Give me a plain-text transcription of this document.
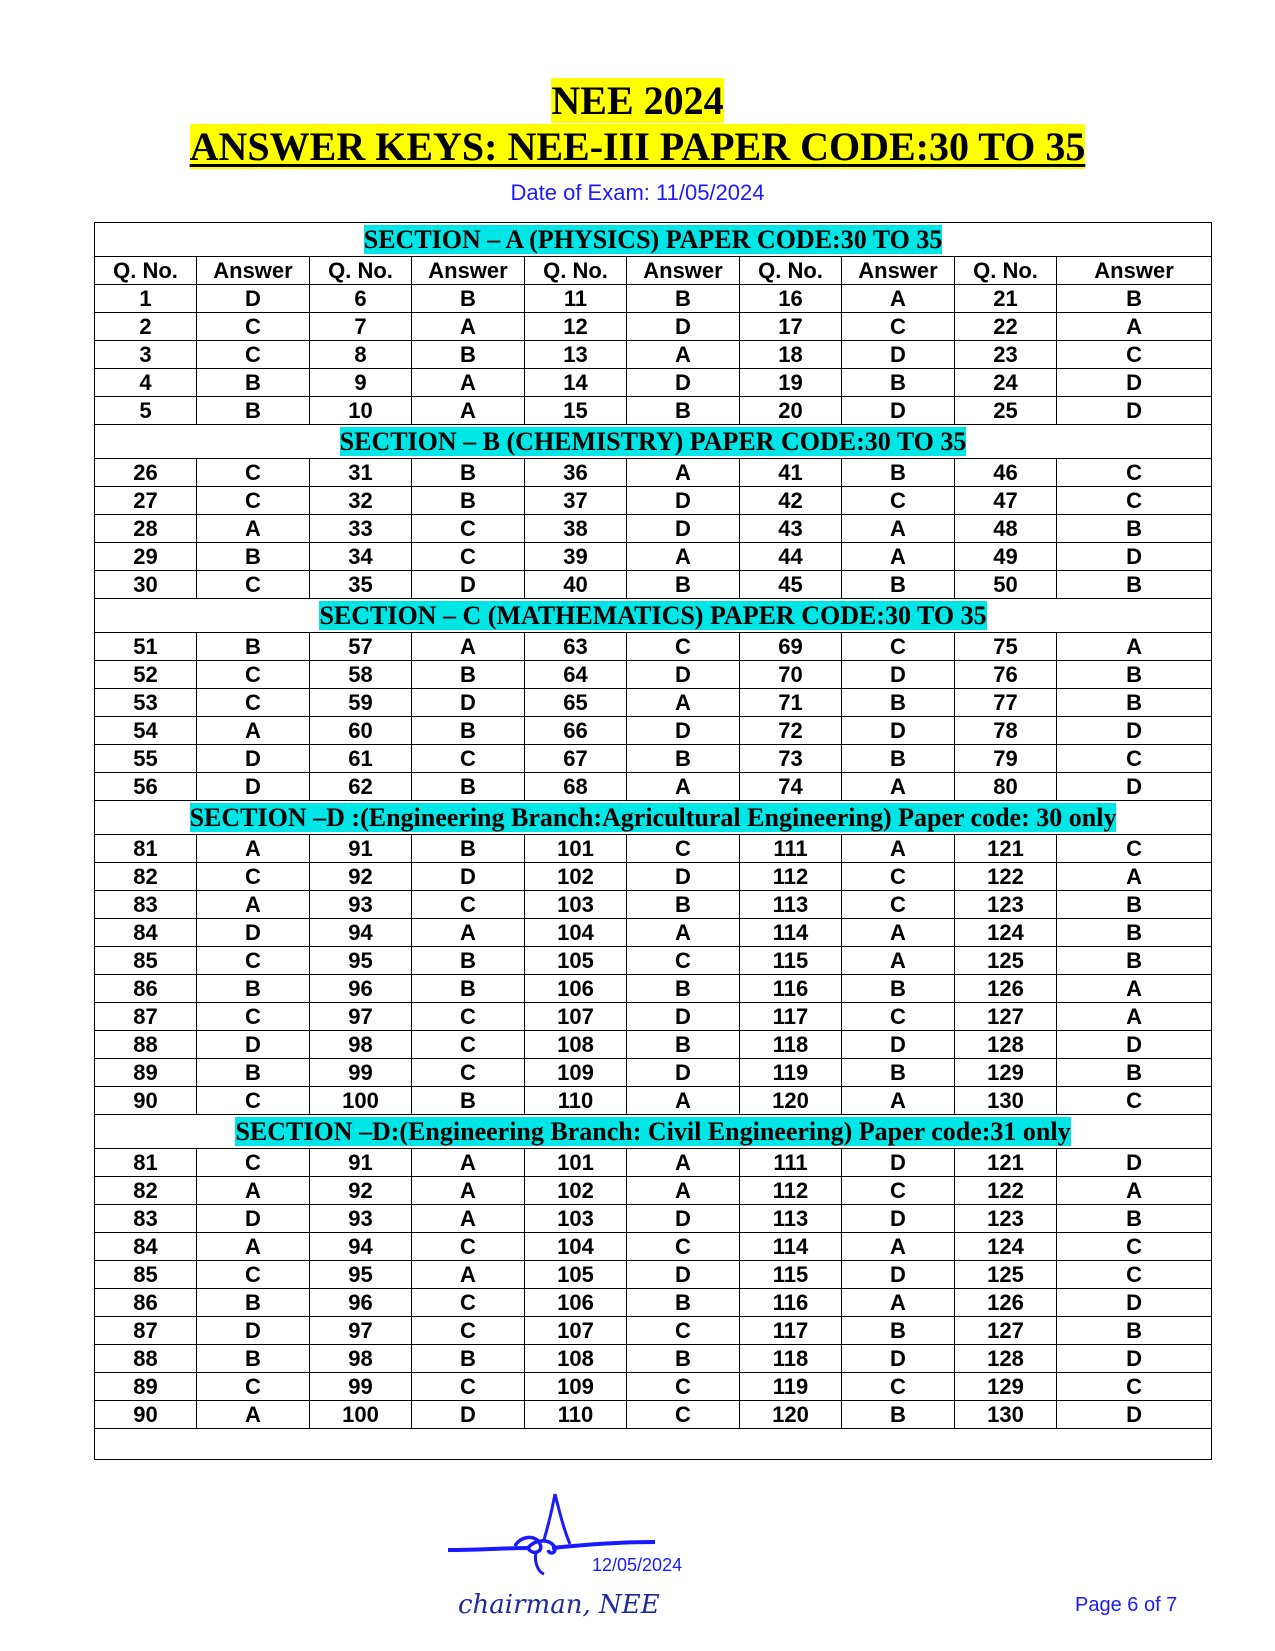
NEE 2024
ANSWER KEYS: NEE-III PAPER CODE:30 TO 35
Date of Exam: 11/05/2024
SECTION – A (PHYSICS) PAPER CODE:30 TO 35									
Q. No.	Answer	Q. No.	Answer	Q. No.	Answer	Q. No.	Answer	Q. No.	Answer
1	D	6	B	11	B	16	A	21	B
2	C	7	A	12	D	17	C	22	A
3	C	8	B	13	A	18	D	23	C
4	B	9	A	14	D	19	B	24	D
5	B	10	A	15	B	20	D	25	D
SECTION – B (CHEMISTRY) PAPER CODE:30 TO 35									
26	C	31	B	36	A	41	B	46	C
27	C	32	B	37	D	42	C	47	C
28	A	33	C	38	D	43	A	48	B
29	B	34	C	39	A	44	A	49	D
30	C	35	D	40	B	45	B	50	B
SECTION – C (MATHEMATICS) PAPER CODE:30 TO 35									
51	B	57	A	63	C	69	C	75	A
52	C	58	B	64	D	70	D	76	B
53	C	59	D	65	A	71	B	77	B
54	A	60	B	66	D	72	D	78	D
55	D	61	C	67	B	73	B	79	C
56	D	62	B	68	A	74	A	80	D
SECTION –D :(Engineering Branch:Agricultural Engineering) Paper code: 30 only									
81	A	91	B	101	C	111	A	121	C
82	C	92	D	102	D	112	C	122	A
83	A	93	C	103	B	113	C	123	B
84	D	94	A	104	A	114	A	124	B
85	C	95	B	105	C	115	A	125	B
86	B	96	B	106	B	116	B	126	A
87	C	97	C	107	D	117	C	127	A
88	D	98	C	108	B	118	D	128	D
89	B	99	C	109	D	119	B	129	B
90	C	100	B	110	A	120	A	130	C
SECTION –D:(Engineering Branch: Civil Engineering) Paper code:31 only									
81	C	91	A	101	A	111	D	121	D
82	A	92	A	102	A	112	C	122	A
83	D	93	A	103	D	113	D	123	B
84	A	94	C	104	C	114	A	124	C
85	C	95	A	105	D	115	D	125	C
86	B	96	C	106	B	116	A	126	D
87	D	97	C	107	C	117	B	127	B
88	B	98	B	108	B	118	D	128	D
89	C	99	C	109	C	119	C	129	C
90	A	100	D	110	C	120	B	130	D

12/05/2024
chairman, NEE	Page 6 of 7
